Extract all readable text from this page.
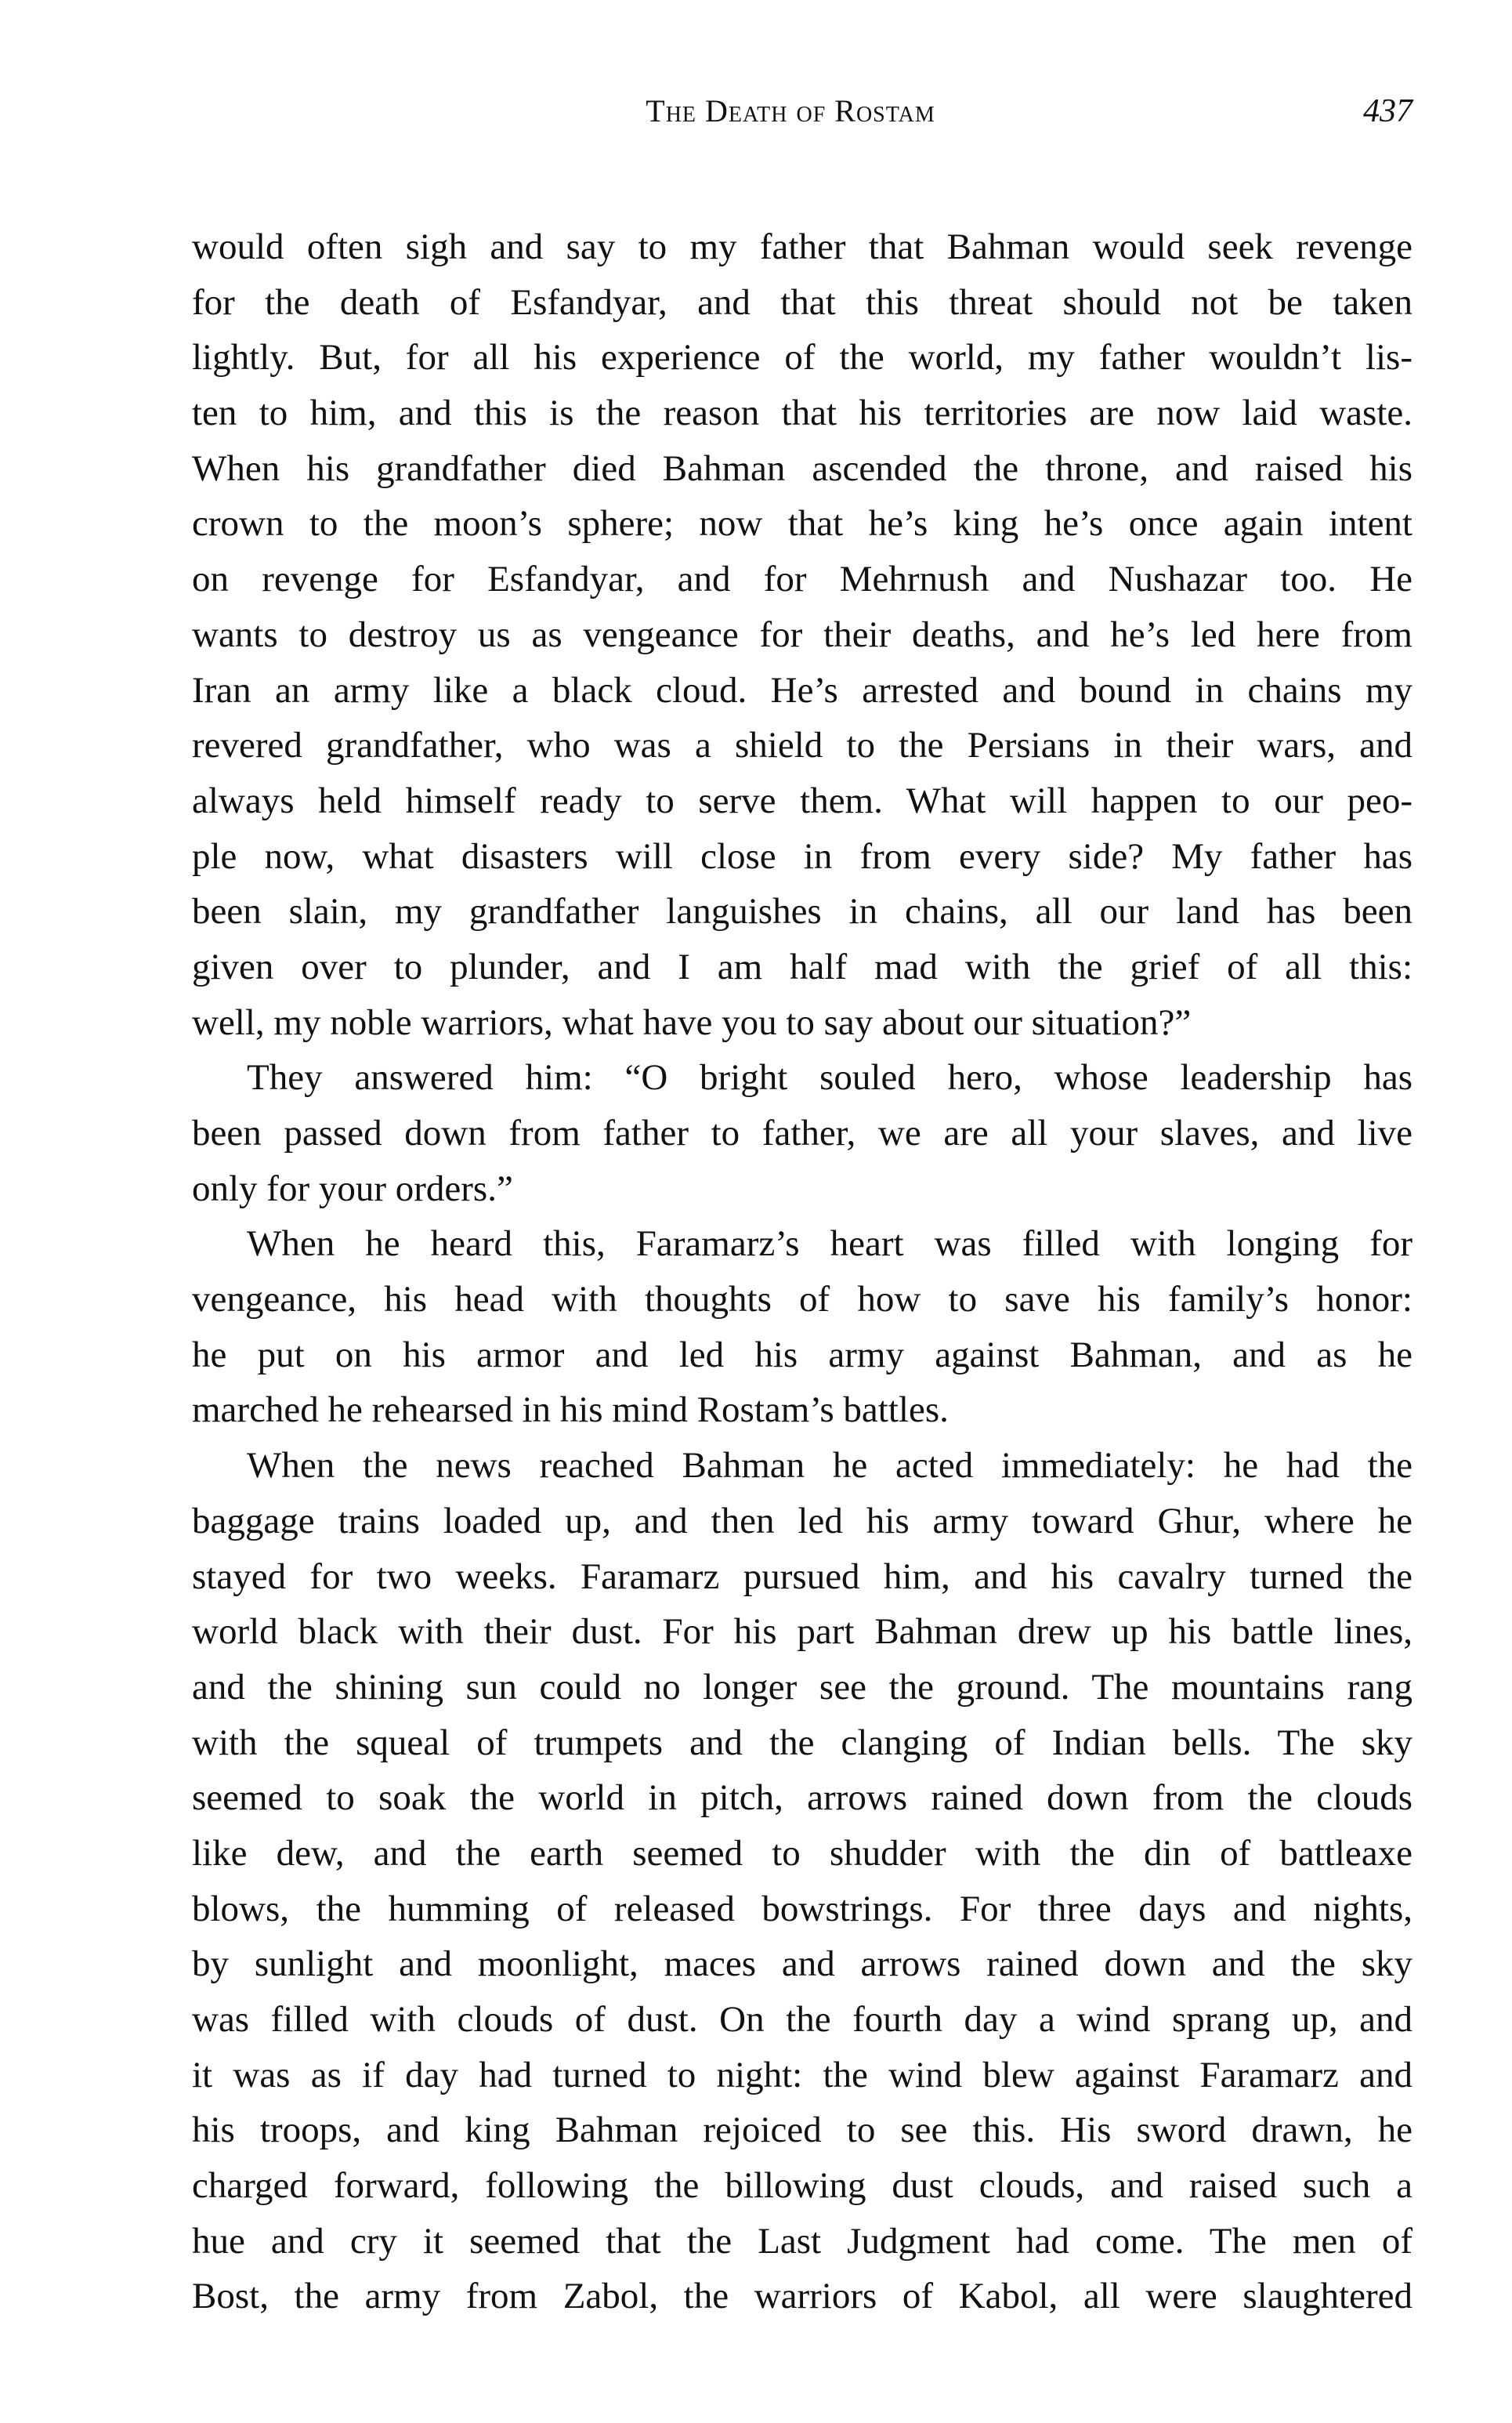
The Death of Rostam	437
would often sigh and say to my father that Bahman would seek revenge
for the death of Esfandyar, and that this threat should not be taken
lightly. But, for all his experience of the world, my father wouldn’t lis-
ten to him, and this is the reason that his territories are now laid waste.
When his grandfather died Bahman ascended the throne, and raised his
crown to the moon’s sphere; now that he’s king he’s once again intent
on revenge for Esfandyar, and for Mehrnush and Nushazar too. He
wants to destroy us as vengeance for their deaths, and he’s led here from
Iran an army like a black cloud. He’s arrested and bound in chains my
revered grandfather, who was a shield to the Persians in their wars, and
always held himself ready to serve them. What will happen to our peo-
ple now, what disasters will close in from every side? My father has
been slain, my grandfather languishes in chains, all our land has been
given over to plunder, and I am half mad with the grief of all this:
well, my noble warriors, what have you to say about our situation?”
They answered him: “O bright souled hero, whose leadership has
been passed down from father to father, we are all your slaves, and live
only for your orders.”
When he heard this, Faramarz’s heart was filled with longing for
vengeance, his head with thoughts of how to save his family’s honor:
he put on his armor and led his army against Bahman, and as he
marched he rehearsed in his mind Rostam’s battles.
When the news reached Bahman he acted immediately: he had the
baggage trains loaded up, and then led his army toward Ghur, where he
stayed for two weeks. Faramarz pursued him, and his cavalry turned the
world black with their dust. For his part Bahman drew up his battle lines,
and the shining sun could no longer see the ground. The mountains rang
with the squeal of trumpets and the clanging of Indian bells. The sky
seemed to soak the world in pitch, arrows rained down from the clouds
like dew, and the earth seemed to shudder with the din of battleaxe
blows, the humming of released bowstrings. For three days and nights,
by sunlight and moonlight, maces and arrows rained down and the sky
was filled with clouds of dust. On the fourth day a wind sprang up, and
it was as if day had turned to night: the wind blew against Faramarz and
his troops, and king Bahman rejoiced to see this. His sword drawn, he
charged forward, following the billowing dust clouds, and raised such a
hue and cry it seemed that the Last Judgment had come. The men of
Bost, the army from Zabol, the warriors of Kabol, all were slaughtered
